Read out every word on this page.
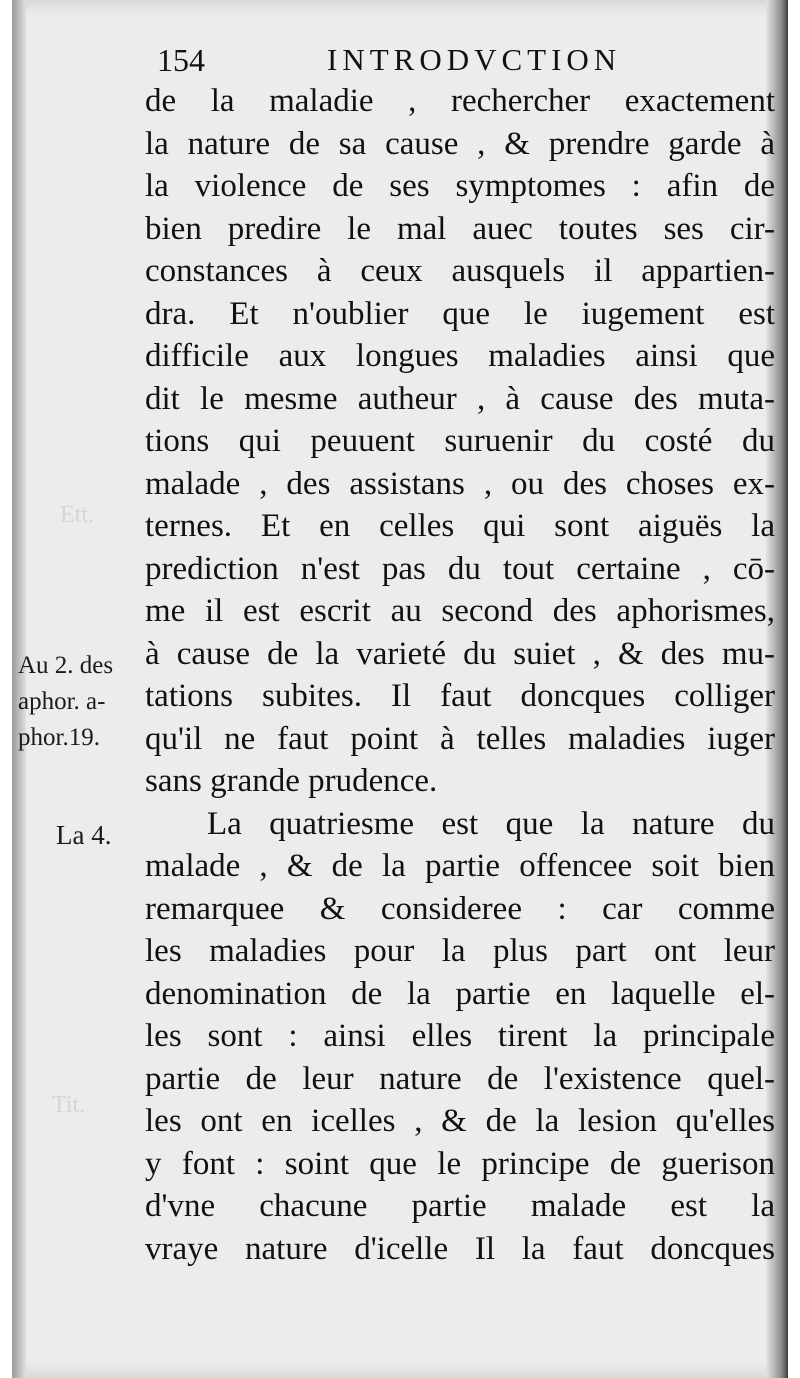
Ett.
Tit.
154	INTRODVCTION
Au 2. des
aphor. a-
phor.19.
La 4.
de la maladie , rechercher exactement
la nature de sa cause , & prendre garde à
la violence de ses symptomes : afin de
bien predire le mal auec toutes ses cir-
constances à ceux ausquels il appartien-
dra. Et n'oublier que le iugement est
difficile aux longues maladies ainsi que
dit le mesme autheur , à cause des muta-
tions qui peuuent suruenir du costé du
malade , des assistans , ou des choses ex-
ternes. Et en celles qui sont aiguës la
prediction n'est pas du tout certaine , cō-
me il est escrit au second des aphorismes,
à cause de la varieté du suiet , & des mu-
tations subites. Il faut doncques colliger
qu'il ne faut point à telles maladies iuger
sans grande prudence.
La quatriesme est que la nature du
malade , & de la partie offencee soit bien
remarquee & consideree : car comme
les maladies pour la plus part ont leur
denomination de la partie en laquelle el-
les sont : ainsi elles tirent la principale
partie de leur nature de l'existence quel-
les ont en icelles , & de la lesion qu'elles
y font : soint que le principe de guerison
d'vne chacune partie malade est la
vraye nature d'icelle Il la faut doncques
